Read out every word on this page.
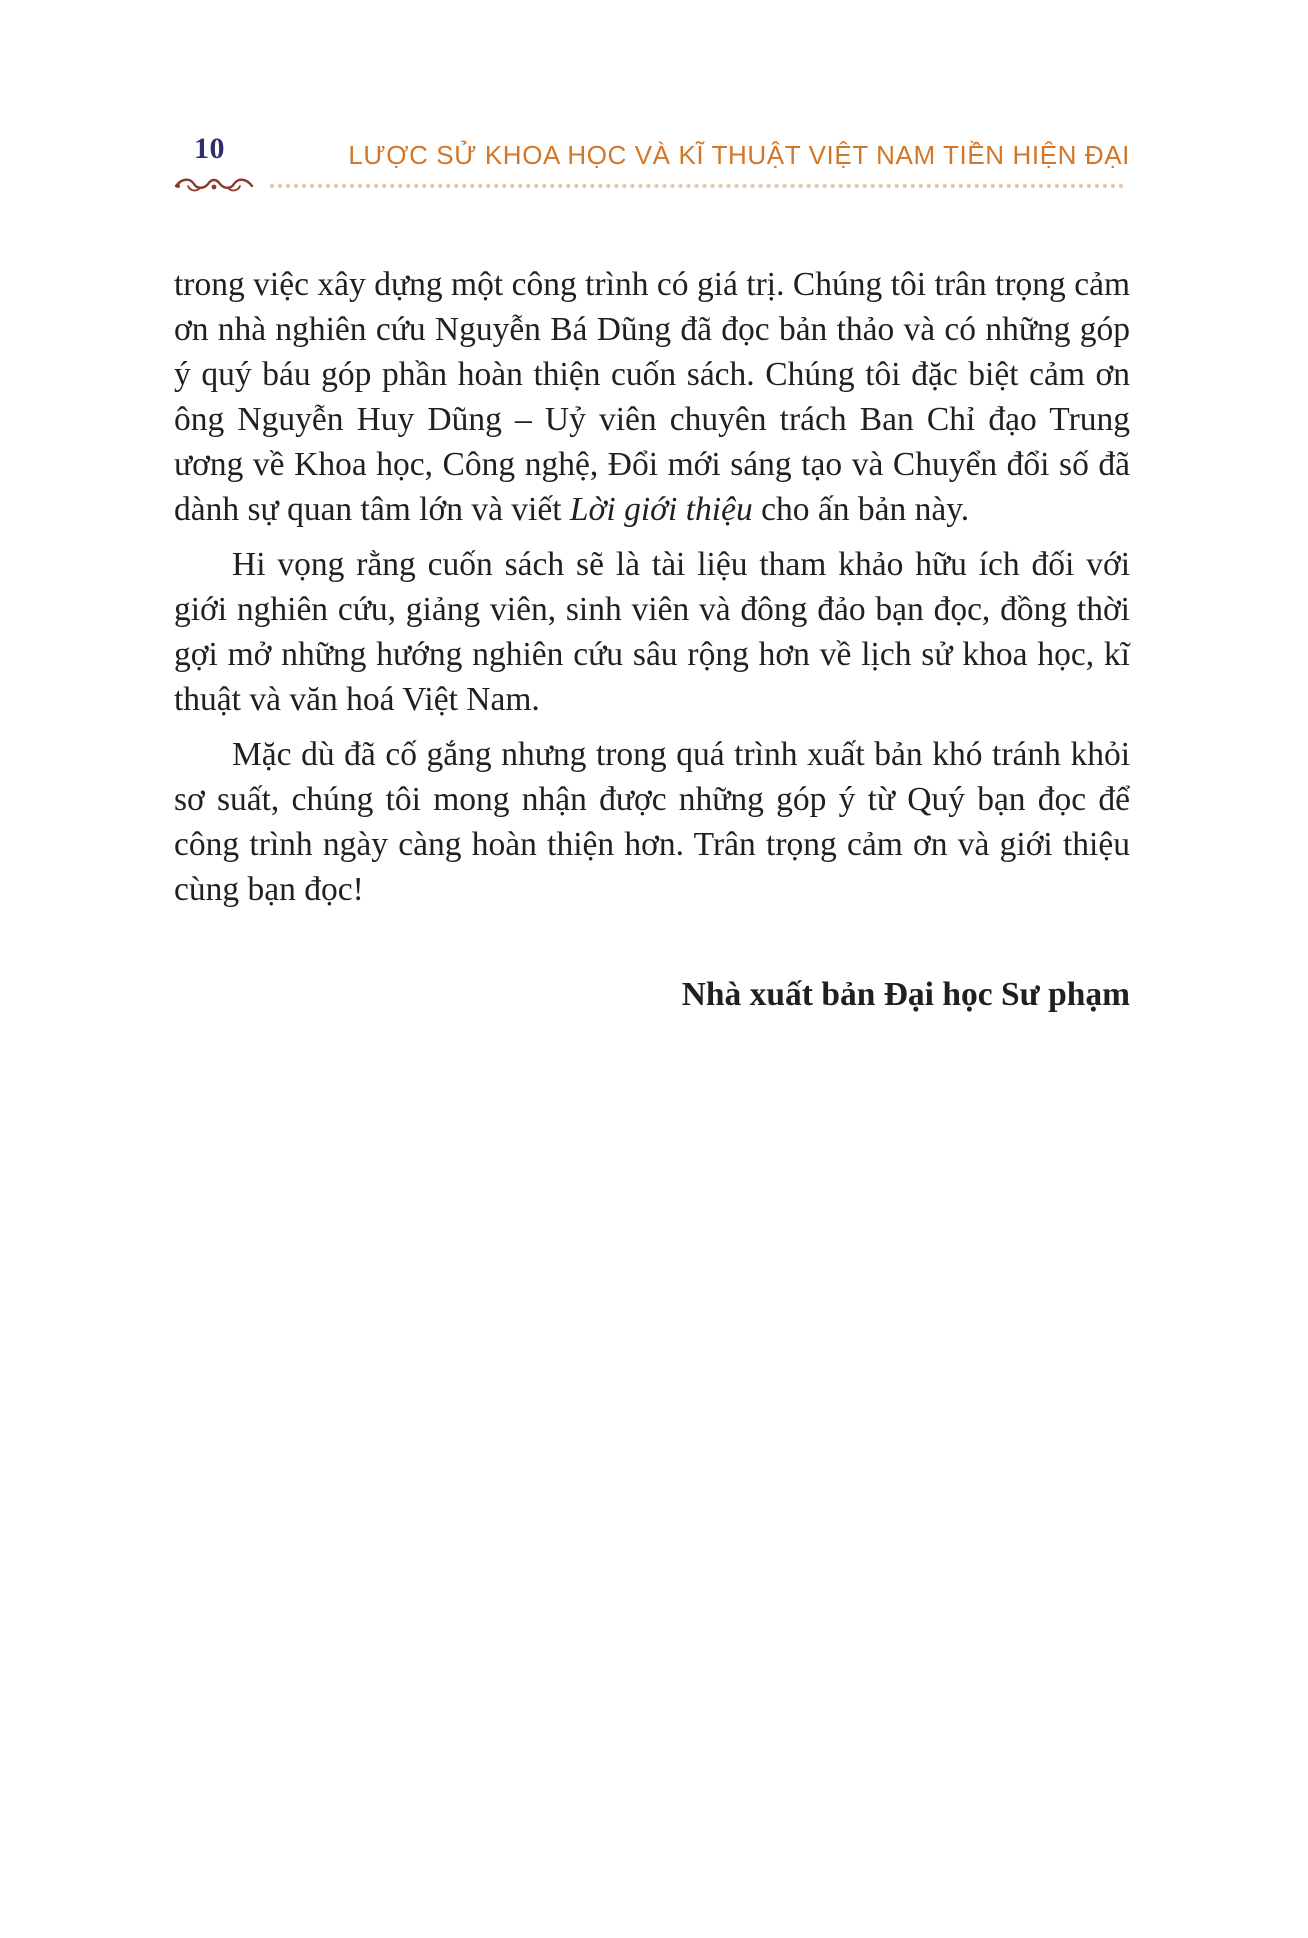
10	LƯỢC SỬ KHOA HỌC VÀ KĨ THUẬT VIỆT NAM TIỀN HIỆN ĐẠI

trong việc xây dựng một công trình có giá trị. Chúng tôi trân trọng cảm ơn nhà nghiên cứu Nguyễn Bá Dũng đã đọc bản thảo và có những góp ý quý báu góp phần hoàn thiện cuốn sách. Chúng tôi đặc biệt cảm ơn ông Nguyễn Huy Dũng – Uỷ viên chuyên trách Ban Chỉ đạo Trung ương về Khoa học, Công nghệ, Đổi mới sáng tạo và Chuyển đổi số đã dành sự quan tâm lớn và viết Lời giới thiệu cho ấn bản này.

Hi vọng rằng cuốn sách sẽ là tài liệu tham khảo hữu ích đối với giới nghiên cứu, giảng viên, sinh viên và đông đảo bạn đọc, đồng thời gợi mở những hướng nghiên cứu sâu rộng hơn về lịch sử khoa học, kĩ thuật và văn hoá Việt Nam.

Mặc dù đã cố gắng nhưng trong quá trình xuất bản khó tránh khỏi sơ suất, chúng tôi mong nhận được những góp ý từ Quý bạn đọc để công trình ngày càng hoàn thiện hơn. Trân trọng cảm ơn và giới thiệu cùng bạn đọc!

Nhà xuất bản Đại học Sư phạm
